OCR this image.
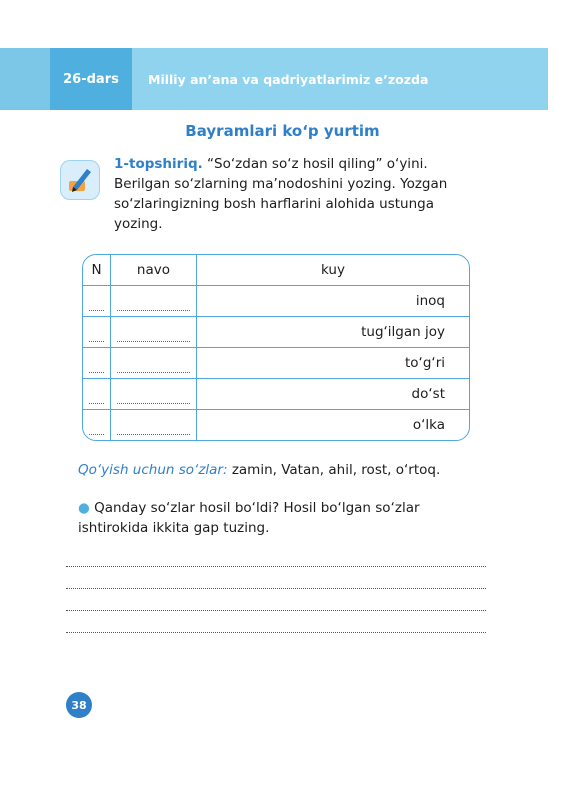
26-dars	Milliy an’ana va qadriyatlarimiz e’zozda
Bayramlari ko‘p yurtim
1-topshiriq. “So‘zdan so‘z hosil qiling” o‘yini. Berilgan so‘zlarning ma’nodoshini yozing. Yozgan so‘zlaringizning bosh harflarini alohida ustunga yozing.
N	navo	kuy
		inoq
		tug‘ilgan joy
		to‘g‘ri
		do‘st
		o‘lka
Qo‘yish uchun so‘zlar: zamin, Vatan, ahil, rost, o‘rtoq.
● Qanday so‘zlar hosil bo‘ldi? Hosil bo‘lgan so‘zlar ishtirokida ikkita gap tuzing.
38
